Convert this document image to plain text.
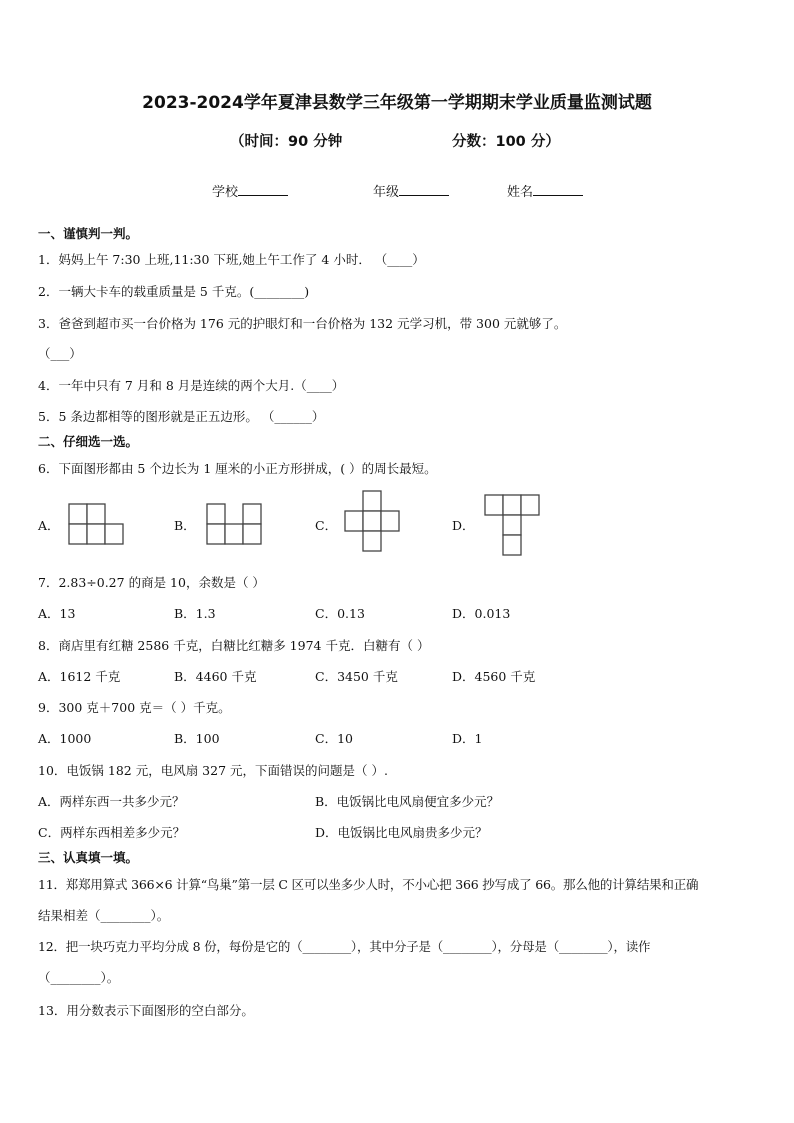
2023-2024学年夏津县数学三年级第一学期期末学业质量监测试题
（时间：90 分钟	分数：100 分）
学校	年级	姓名
一、谨慎判一判。
1．妈妈上午 7:30 上班,11:30 下班,她上午工作了 4 小时． （____）
2．一辆大卡车的载重质量是 5 千克。(________)
3．爸爸到超市买一台价格为 176 元的护眼灯和一台价格为 132 元学习机，带 300 元就够了。
（___）
4．一年中只有 7 月和 8 月是连续的两个大月.（____）
5．5 条边都相等的图形就是正五边形。 （______）
二、仔细选一选。
6．下面图形都由 5 个边长为 1 厘米的小正方形拼成，( ）的周长最短。
A．	B．	C．	D．
7．2.83÷0.27 的商是 10，余数是（ ）
A．13	B．1.3	C．0.13	D．0.013
8．商店里有红糖 2586 千克，白糖比红糖多 1974 千克．白糖有（ ）
A．1612 千克	B．4460 千克	C．3450 千克	D．4560 千克
9．300 克＋700 克＝（ ）千克。
A．1000	B．100	C．10	D．1
10．电饭锅 182 元，电风扇 327 元，下面错误的问题是（ ）.
A．两样东西一共多少元？	B．电饭锅比电风扇便宜多少元？
C．两样东西相差多少元？	D．电饭锅比电风扇贵多少元？
三、认真填一填。
11．郑郑用算式 366×6 计算“鸟巢”第一层 C 区可以坐多少人时，不小心把 366 抄写成了 66。那么他的计算结果和正确
结果相差（________）。
12．把一块巧克力平均分成 8 份，每份是它的（________），其中分子是（________），分母是（________），读作
（________）。
13．用分数表示下面图形的空白部分。
